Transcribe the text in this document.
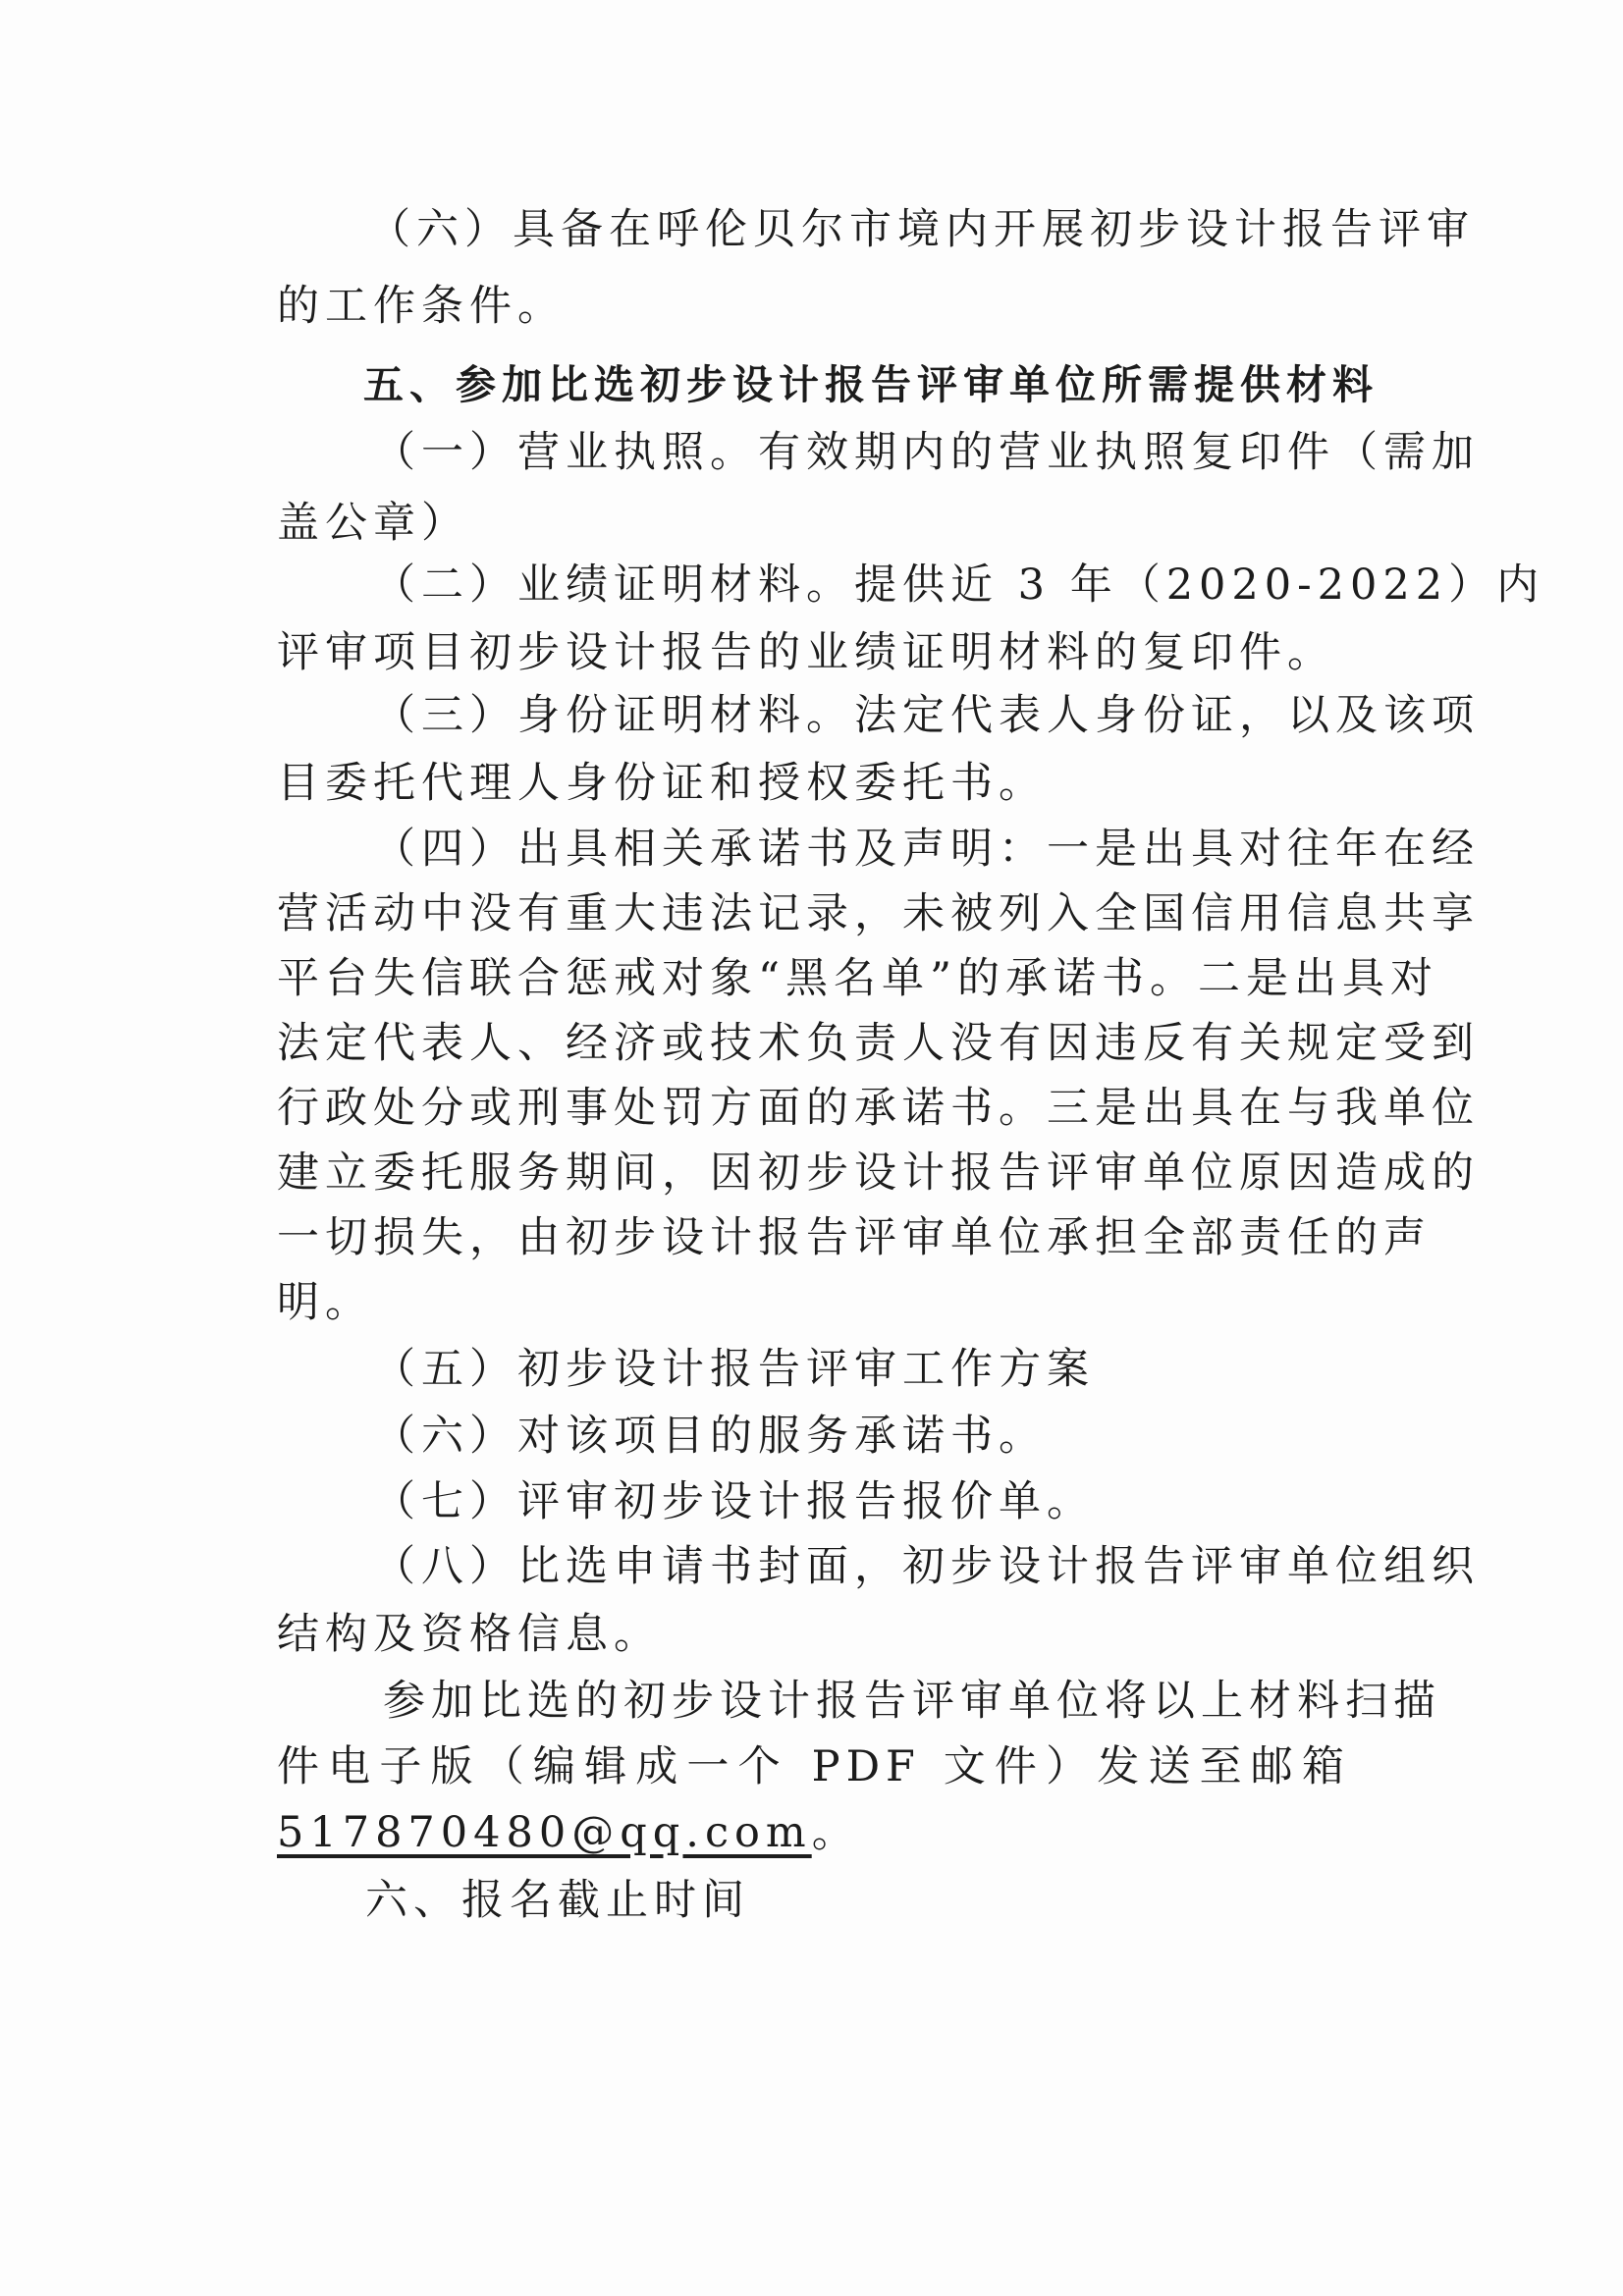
（六）具备在呼伦贝尔市境内开展初步设计报告评审
的工作条件。
五、参加比选初步设计报告评审单位所需提供材料
（一）营业执照。有效期内的营业执照复印件（需加
盖公章）
（二）业绩证明材料。提供近 3 年（2020-2022）内
评审项目初步设计报告的业绩证明材料的复印件。
（三）身份证明材料。法定代表人身份证，以及该项
目委托代理人身份证和授权委托书。
（四）出具相关承诺书及声明：一是出具对往年在经
营活动中没有重大违法记录，未被列入全国信用信息共享
平台失信联合惩戒对象“黑名单”的承诺书。二是出具对
法定代表人、经济或技术负责人没有因违反有关规定受到
行政处分或刑事处罚方面的承诺书。三是出具在与我单位
建立委托服务期间，因初步设计报告评审单位原因造成的
一切损失，由初步设计报告评审单位承担全部责任的声
明。
（五）初步设计报告评审工作方案
（六）对该项目的服务承诺书。
（七）评审初步设计报告报价单。
（八）比选申请书封面，初步设计报告评审单位组织
结构及资格信息。
参加比选的初步设计报告评审单位将以上材料扫描
件电子版（编辑成一个 PDF 文件）发送至邮箱
517870480@qq.com。
六、报名截止时间
